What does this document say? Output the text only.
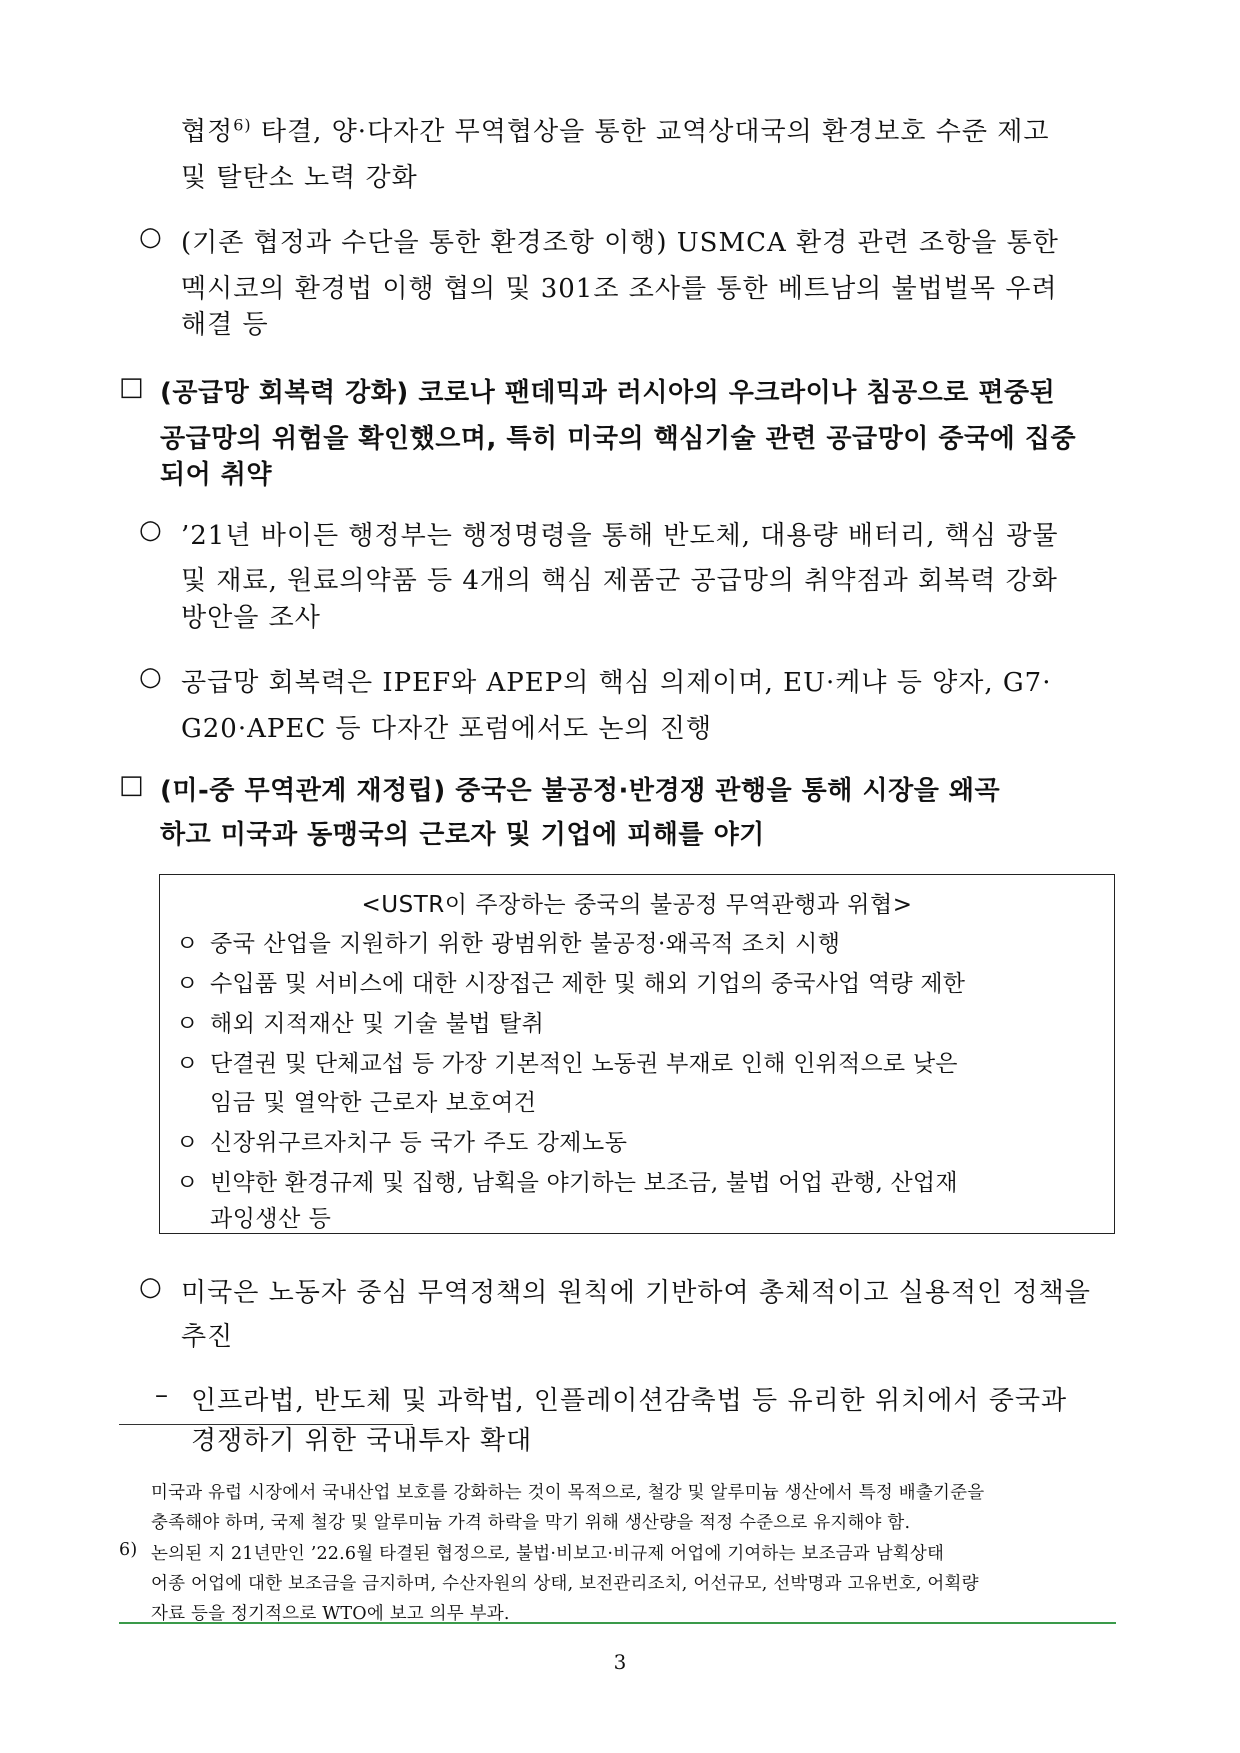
협정$^{6)}$ 타결, 양·다자간 무역협상을 통한 교역상대국의 환경보호 수준 제고
및 탈탄소 노력 강화
○ (기존 협정과 수단을 통한 환경조항 이행) USMCA 환경 관련 조항을 통한
멕시코의 환경법 이행 협의 및 301조 조사를 통한 베트남의 불법벌목 우려
해결 등
□ (공급망 회복력 강화) 코로나 팬데믹과 러시아의 우크라이나 침공으로 편중된
공급망의 위험을 확인했으며, 특히 미국의 핵심기술 관련 공급망이 중국에 집중
되어 취약
○ ’21년 바이든 행정부는 행정명령을 통해 반도체, 대용량 배터리, 핵심 광물
및 재료, 원료의약품 등 4개의 핵심 제품군 공급망의 취약점과 회복력 강화
방안을 조사
○ 공급망 회복력은 IPEF와 APEP의 핵심 의제이며, EU·케냐 등 양자, G7·
G20·APEC 등 다자간 포럼에서도 논의 진행
□ (미-중 무역관계 재정립) 중국은 불공정·반경쟁 관행을 통해 시장을 왜곡
하고 미국과 동맹국의 근로자 및 기업에 피해를 야기
<USTR이 주장하는 중국의 불공정 무역관행과 위협>
ㅇ 중국 산업을 지원하기 위한 광범위한 불공정·왜곡적 조치 시행
ㅇ 수입품 및 서비스에 대한 시장접근 제한 및 해외 기업의 중국사업 역량 제한
ㅇ 해외 지적재산 및 기술 불법 탈취
ㅇ 단결권 및 단체교섭 등 가장 기본적인 노동권 부재로 인해 인위적으로 낮은
임금 및 열악한 근로자 보호여건
ㅇ 신장위구르자치구 등 국가 주도 강제노동
ㅇ 빈약한 환경규제 및 집행, 남획을 야기하는 보조금, 불법 어업 관행, 산업재
과잉생산 등
○ 미국은 노동자 중심 무역정책의 원칙에 기반하여 총체적이고 실용적인 정책을
추진
– 인프라법, 반도체 및 과학법, 인플레이션감축법 등 유리한 위치에서 중국과
경쟁하기 위한 국내투자 확대
미국과 유럽 시장에서 국내산업 보호를 강화하는 것이 목적으로, 철강 및 알루미늄 생산에서 특정 배출기준을
충족해야 하며, 국제 철강 및 알루미늄 가격 하락을 막기 위해 생산량을 적정 수준으로 유지해야 함.
6) 논의된 지 21년만인 ’22.6월 타결된 협정으로, 불법·비보고·비규제 어업에 기여하는 보조금과 남획상태
어종 어업에 대한 보조금을 금지하며, 수산자원의 상태, 보전관리조치, 어선규모, 선박명과 고유번호, 어획량
자료 등을 정기적으로 WTO에 보고 의무 부과.
3
